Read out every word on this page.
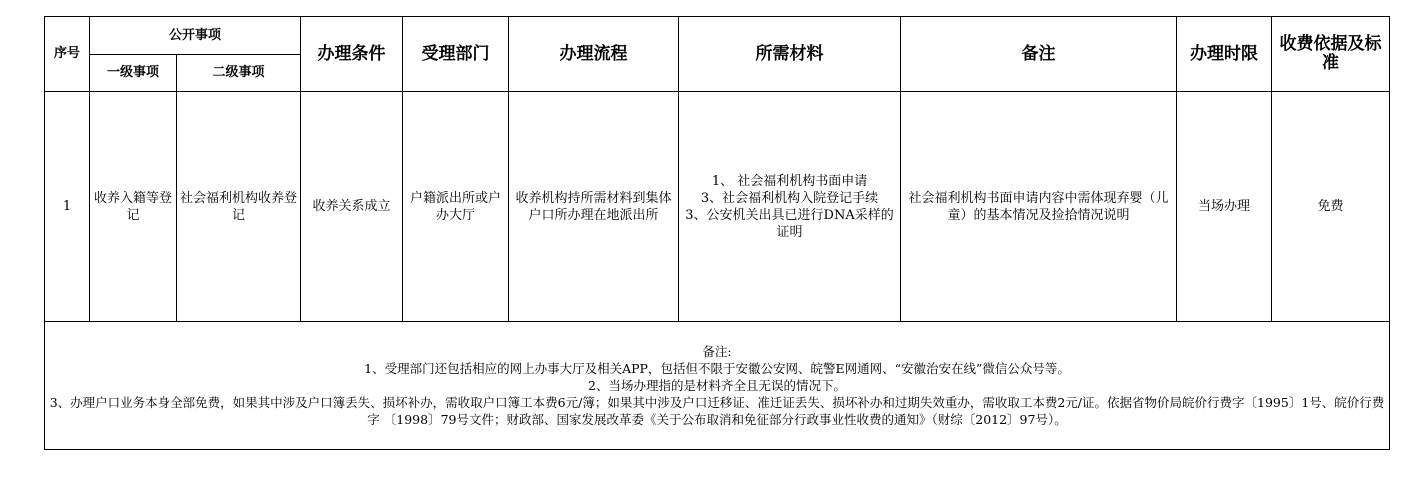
序号	公开事项		办理条件	受理部门	办理流程	所需材料	备注	办理时限	收费依据及标准
	一级事项	二级事项							
1	收养入籍等登记	社会福利机构收养登记	收养关系成立	户籍派出所或户办大厅	收养机构持所需材料到集体户口所办理在地派出所	1、 社会福利机构书面申请
3、社会福利机构入院登记手续
3、公安机关出具已进行DNA采样的证明	社会福利机构书面申请内容中需体现弃婴（儿童）的基本情况及捡拾情况说明	当场办理	免费

备注:
1、受理部门还包括相应的网上办事大厅及相关APP，包括但不限于安徽公安网、皖警E网通网、“安徽治安在线”微信公众号等。
2、当场办理指的是材料齐全且无误的情况下。
3、办理户口业务本身全部免费，如果其中涉及户口簿丢失、损坏补办，需收取户口簿工本费6元/簿；如果其中涉及户口迁移证、准迁证丢失、损坏补办和过期失效重办，需收取工本费2元/证。依据省物价局皖价行费字〔1995〕1号、皖价行费字 〔1998〕79号文件；财政部、国家发展改革委《关于公布取消和免征部分行政事业性收费的通知》（财综〔2012〕97号）。									
